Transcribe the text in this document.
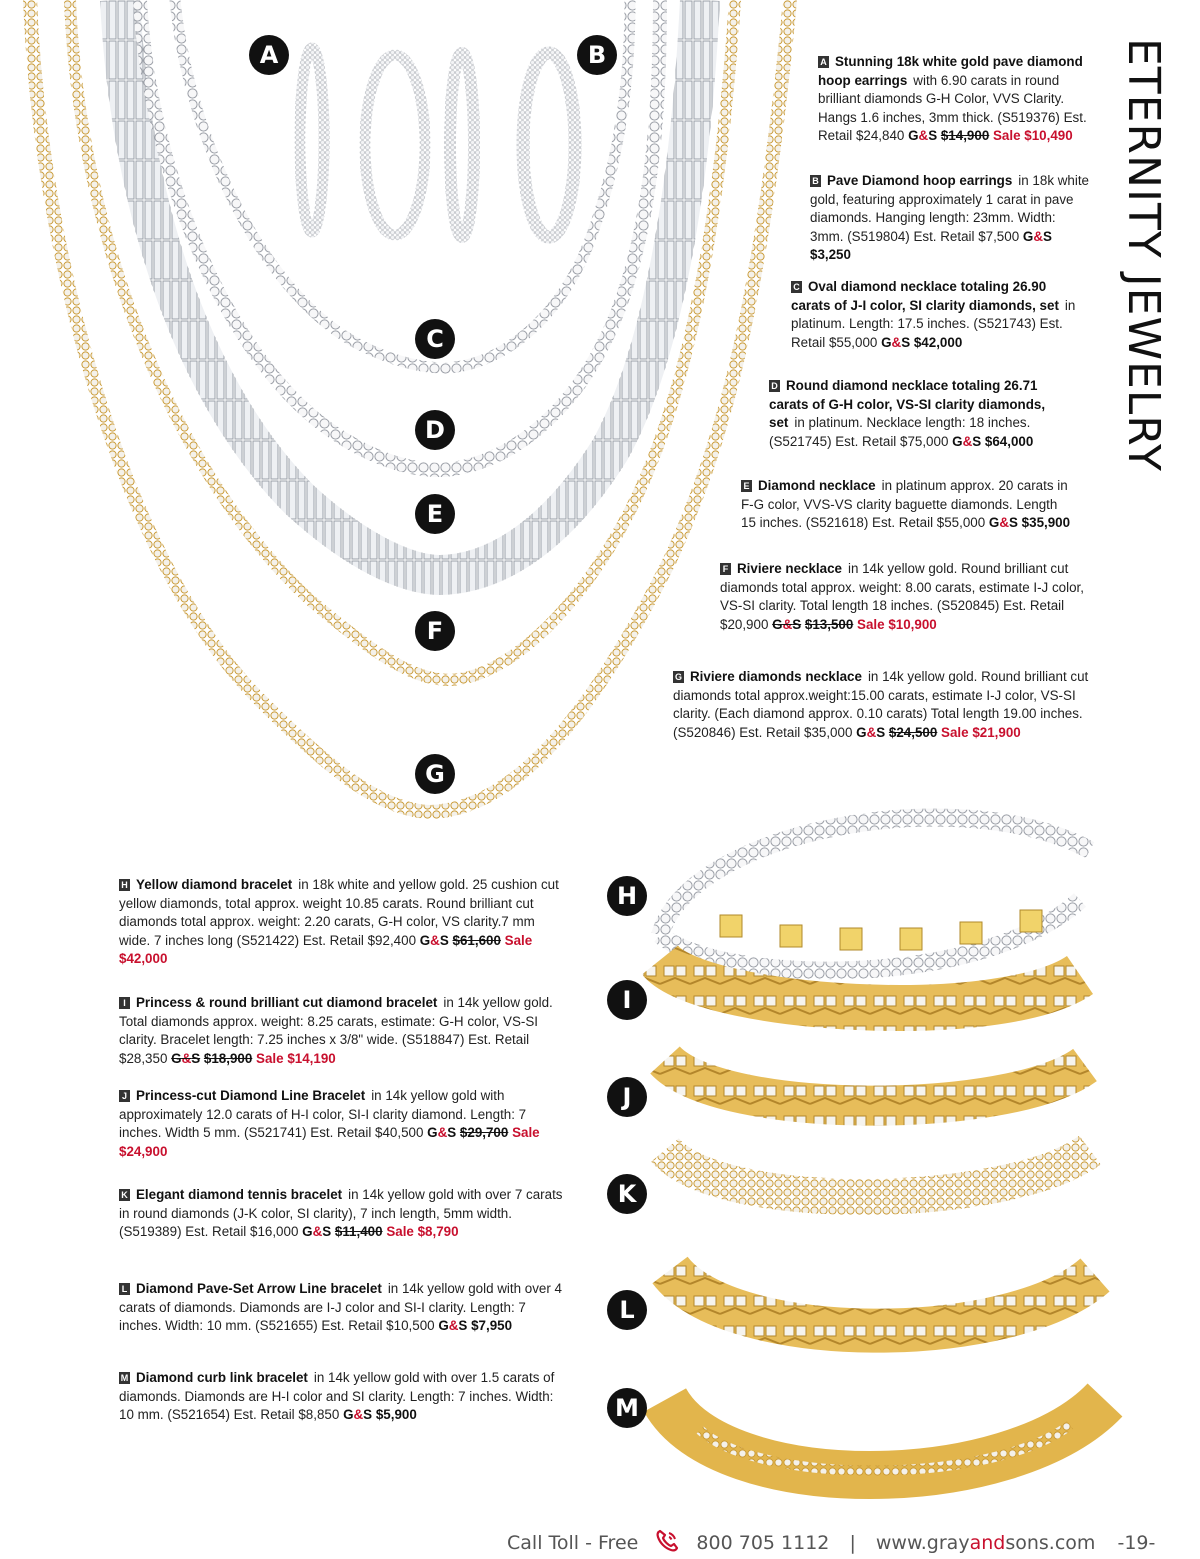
A	B
C
D
E
F
G
H
I
J
K
L
M
ETERNITY JEWELRY
A Stunning 18k white gold pave diamond hoop earrings with 6.90 carats in round brilliant diamonds G-H Color, VVS Clarity. Hangs 1.6 inches, 3mm thick. (S519376) Est. Retail $24,840 G&S $14,900 Sale $10,490
B Pave Diamond hoop earrings in 18k white gold, featuring approximately 1 carat in pave diamonds. Hanging length: 23mm. Width: 3mm. (S519804) Est. Retail $7,500 G&S $3,250
C Oval diamond necklace totaling 26.90 carats of J-I color, SI clarity diamonds, set in platinum. Length: 17.5 inches. (S521743) Est. Retail $55,000 G&S $42,000
D Round diamond necklace totaling 26.71 carats of G-H color, VS-SI clarity diamonds, set in platinum. Necklace length: 18 inches. (S521745) Est. Retail $75,000 G&S $64,000
E Diamond necklace in platinum approx. 20 carats in F-G color, VVS-VS clarity baguette diamonds. Length 15 inches. (S521618) Est. Retail $55,000 G&S $35,900
F Riviere necklace in 14k yellow gold. Round brilliant cut diamonds total approx. weight: 8.00 carats, estimate I-J color, VS-SI clarity. Total length 18 inches. (S520845) Est. Retail $20,900 G&S $13,500 Sale $10,900
G Riviere diamonds necklace in 14k yellow gold. Round brilliant cut diamonds total approx.weight:15.00 carats, estimate I-J color, VS-SI clarity. (Each diamond approx. 0.10 carats) Total length 19.00 inches. (S520846) Est. Retail $35,000 G&S $24,500 Sale $21,900
H Yellow diamond bracelet in 18k white and yellow gold. 25 cushion cut yellow diamonds, total approx. weight 10.85 carats. Round brilliant cut diamonds total approx. weight: 2.20 carats, G-H color, VS clarity.7 mm wide. 7 inches long (S521422) Est. Retail $92,400 G&S $61,600 Sale $42,000
I Princess & round brilliant cut diamond bracelet in 14k yellow gold. Total diamonds approx. weight: 8.25 carats, estimate: G-H color, VS-SI clarity. Bracelet length: 7.25 inches x 3/8" wide. (S518847) Est. Retail $28,350 G&S $18,900 Sale $14,190
J Princess-cut Diamond Line Bracelet in 14k yellow gold with approximately 12.0 carats of H-I color, SI-I clarity diamond. Length: 7 inches. Width 5 mm. (S521741) Est. Retail $40,500 G&S $29,700 Sale $24,900
K Elegant diamond tennis bracelet in 14k yellow gold with over 7 carats in round diamonds (J-K color, SI clarity), 7 inch length, 5mm width. (S519389) Est. Retail $16,000 G&S $11,400 Sale $8,790
L Diamond Pave-Set Arrow Line bracelet in 14k yellow gold with over 4 carats of diamonds. Diamonds are I-J color and SI-I clarity. Length: 7 inches. Width: 10 mm. (S521655) Est. Retail $10,500 G&S $7,950
M Diamond curb link bracelet in 14k yellow gold with over 1.5 carats of diamonds. Diamonds are H-I color and SI clarity. Length: 7 inches. Width: 10 mm. (S521654) Est. Retail $8,850 G&S $5,900
Call Toll - Free	800 705 1112 | www.grayandsons.com -19-
